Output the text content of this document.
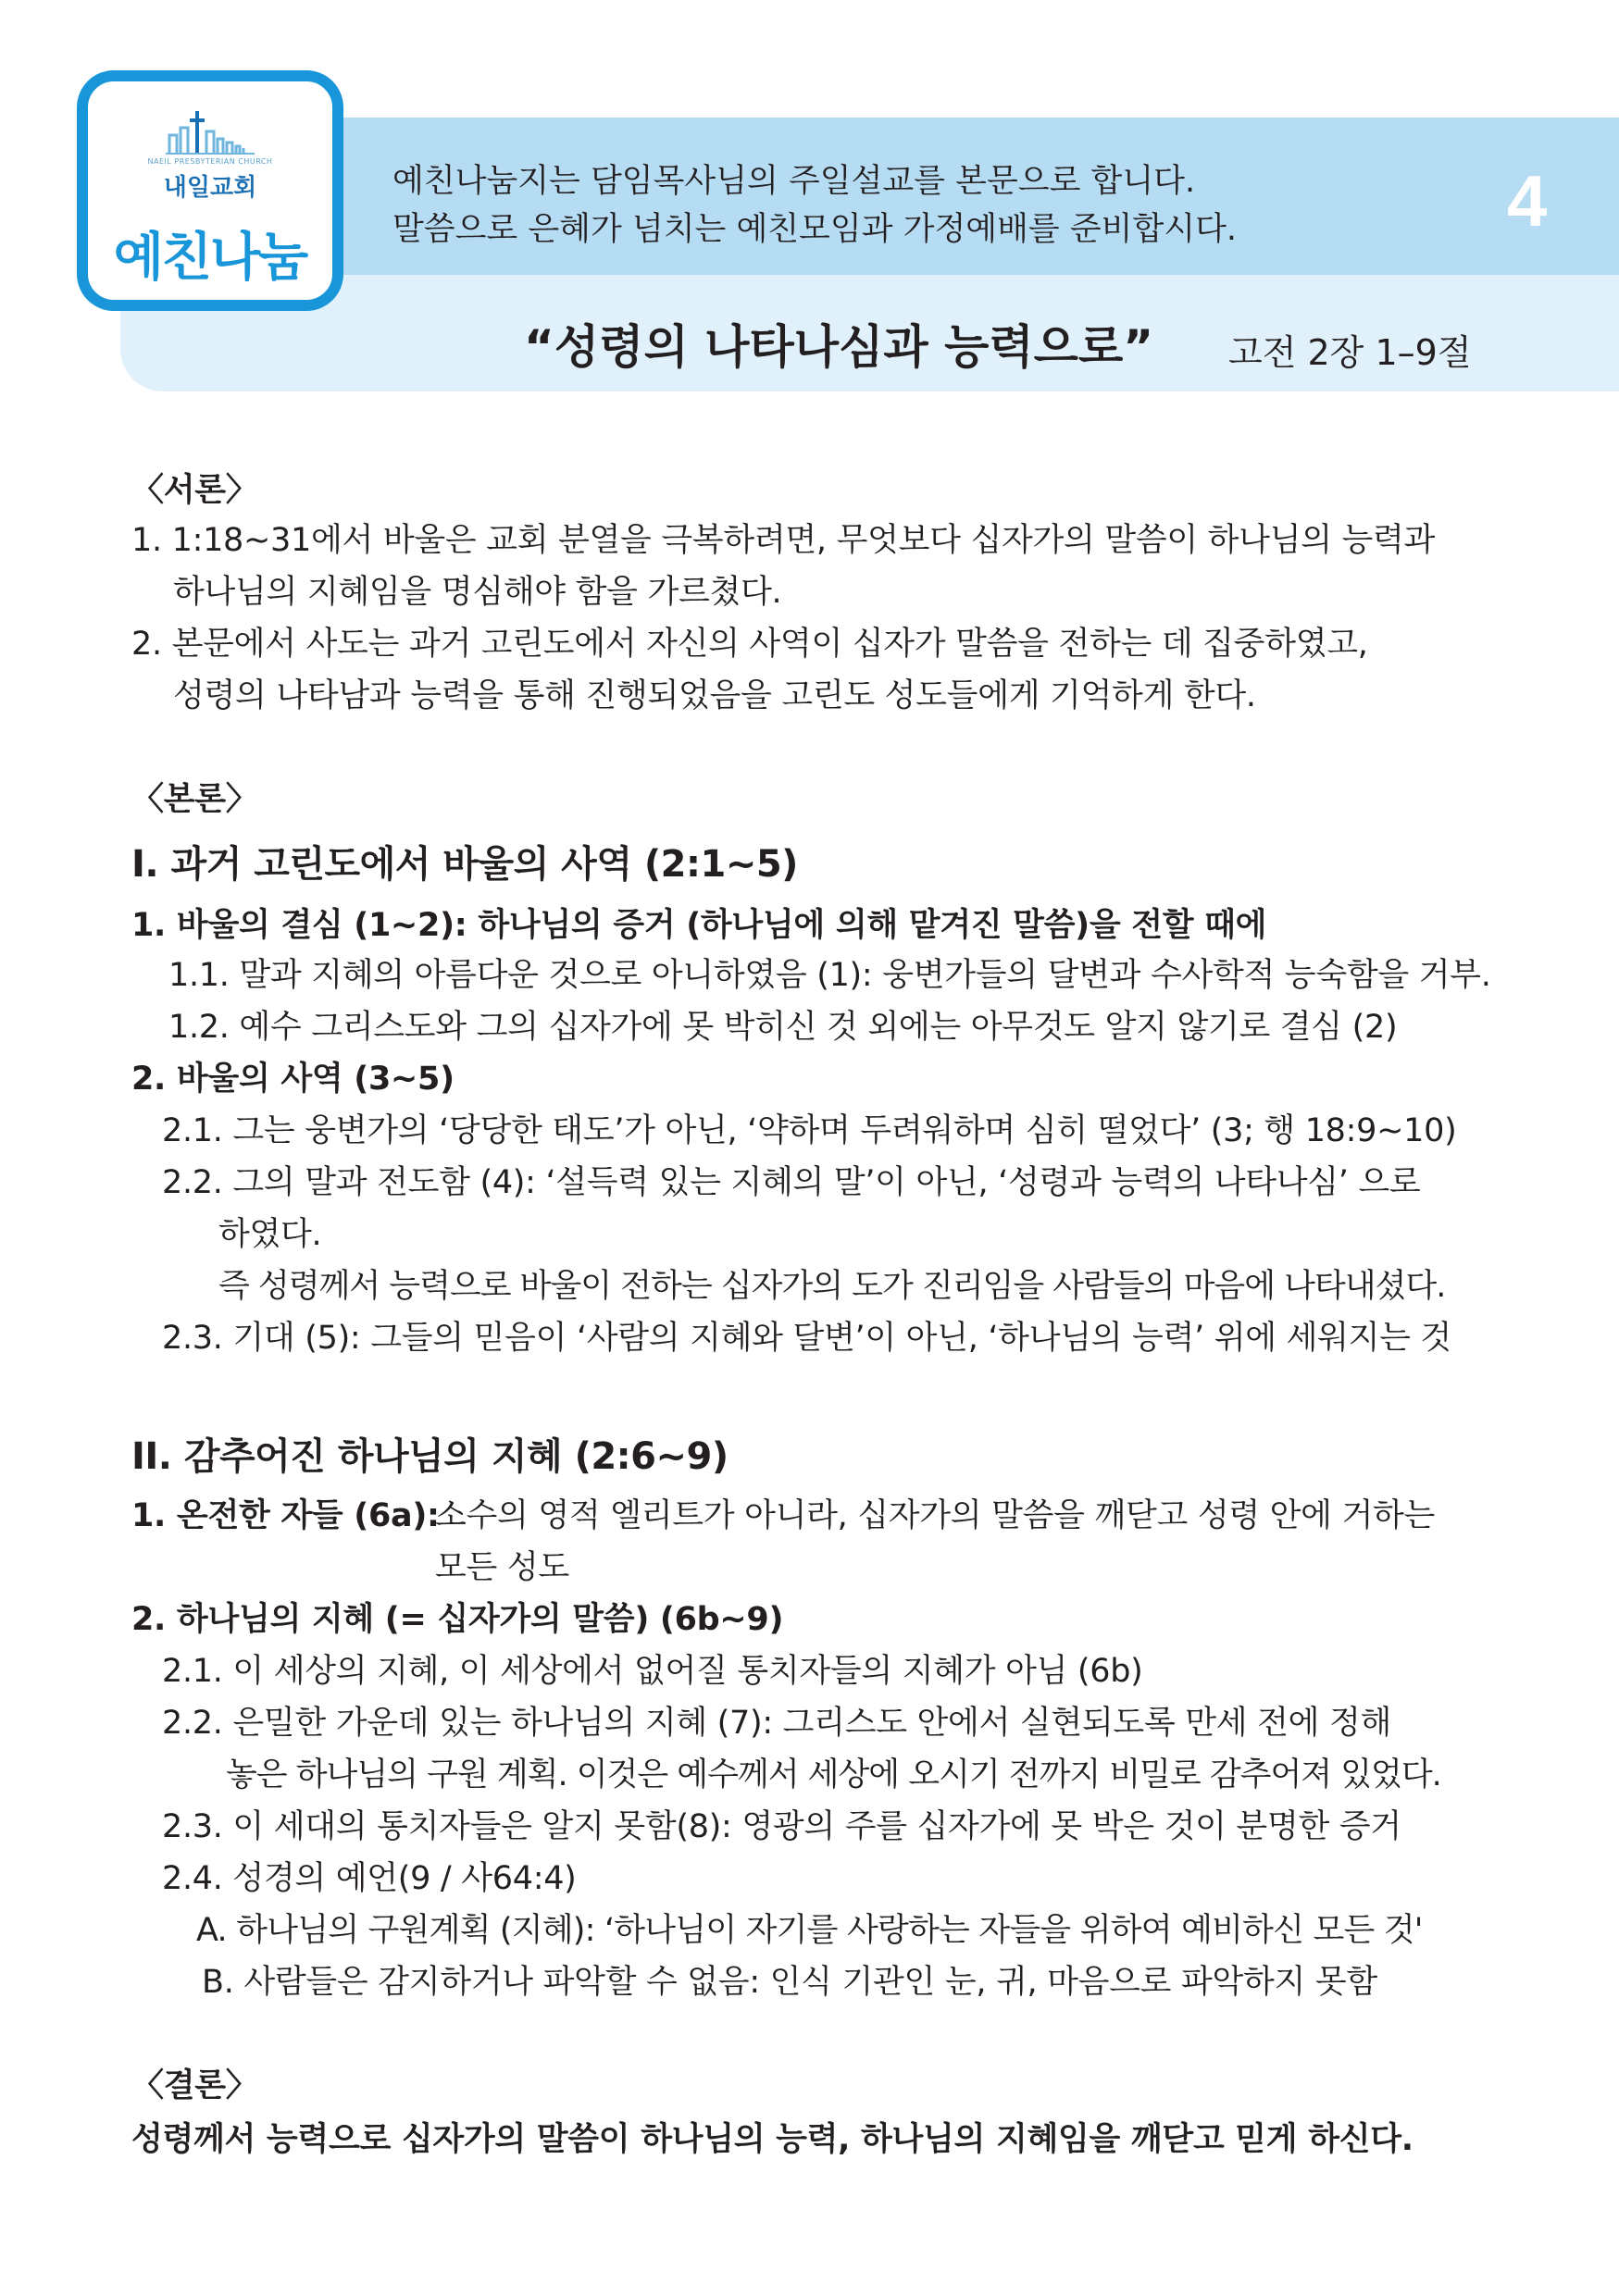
NAEIL PRESBYTERIAN CHURCH
내일교회
예친나눔
예친나눔지는 담임목사님의 주일설교를 본문으로 합니다.
말씀으로 은혜가 넘치는 예친모임과 가정예배를 준비합시다.	4
“성령의 나타나심과 능력으로” 고전 2장 1–9절
〈서론〉
1. 1:18∼31에서 바울은 교회 분열을 극복하려면, 무엇보다 십자가의 말씀이 하나님의 능력과
하나님의 지혜임을 명심해야 함을 가르쳤다.
2. 본문에서 사도는 과거 고린도에서 자신의 사역이 십자가 말씀을 전하는 데 집중하였고,
성령의 나타남과 능력을 통해 진행되었음을 고린도 성도들에게 기억하게 한다.
〈본론〉
I. 과거 고린도에서 바울의 사역 (2:1~5)
1. 바울의 결심 (1∼2): 하나님의 증거 (하나님에 의해 맡겨진 말씀)을 전할 때에
1.1. 말과 지혜의 아름다운 것으로 아니하였음 (1): 웅변가들의 달변과 수사학적 능숙함을 거부.
1.2. 예수 그리스도와 그의 십자가에 못 박히신 것 외에는 아무것도 알지 않기로 결심 (2)
2. 바울의 사역 (3∼5)
2.1. 그는 웅변가의 ‘당당한 태도’가 아닌, ‘약하며 두려워하며 심히 떨었다’ (3; 행 18:9∼10)
2.2. 그의 말과 전도함 (4): ‘설득력 있는 지혜의 말’이 아닌, ‘성령과 능력의 나타나심’ 으로
하였다.
즉 성령께서 능력으로 바울이 전하는 십자가의 도가 진리임을 사람들의 마음에 나타내셨다.
2.3. 기대 (5): 그들의 믿음이 ‘사람의 지혜와 달변’이 아닌, ‘하나님의 능력’ 위에 세워지는 것
II. 감추어진 하나님의 지혜 (2:6~9)
1. 온전한 자들 (6a):
소수의 영적 엘리트가 아니라, 십자가의 말씀을 깨닫고 성령 안에 거하는
모든 성도
2. 하나님의 지혜 (= 십자가의 말씀) (6b∼9)
2.1. 이 세상의 지혜, 이 세상에서 없어질 통치자들의 지혜가 아님 (6b)
2.2. 은밀한 가운데 있는 하나님의 지혜 (7): 그리스도 안에서 실현되도록 만세 전에 정해
놓은 하나님의 구원 계획. 이것은 예수께서 세상에 오시기 전까지 비밀로 감추어져 있었다.
2.3. 이 세대의 통치자들은 알지 못함(8): 영광의 주를 십자가에 못 박은 것이 분명한 증거
2.4. 성경의 예언(9 / 사64:4)
A. 하나님의 구원계획 (지혜): ‘하나님이 자기를 사랑하는 자들을 위하여 예비하신 모든 것'
B. 사람들은 감지하거나 파악할 수 없음: 인식 기관인 눈, 귀, 마음으로 파악하지 못함
〈결론〉
성령께서 능력으로 십자가의 말씀이 하나님의 능력, 하나님의 지혜임을 깨닫고 믿게 하신다.
